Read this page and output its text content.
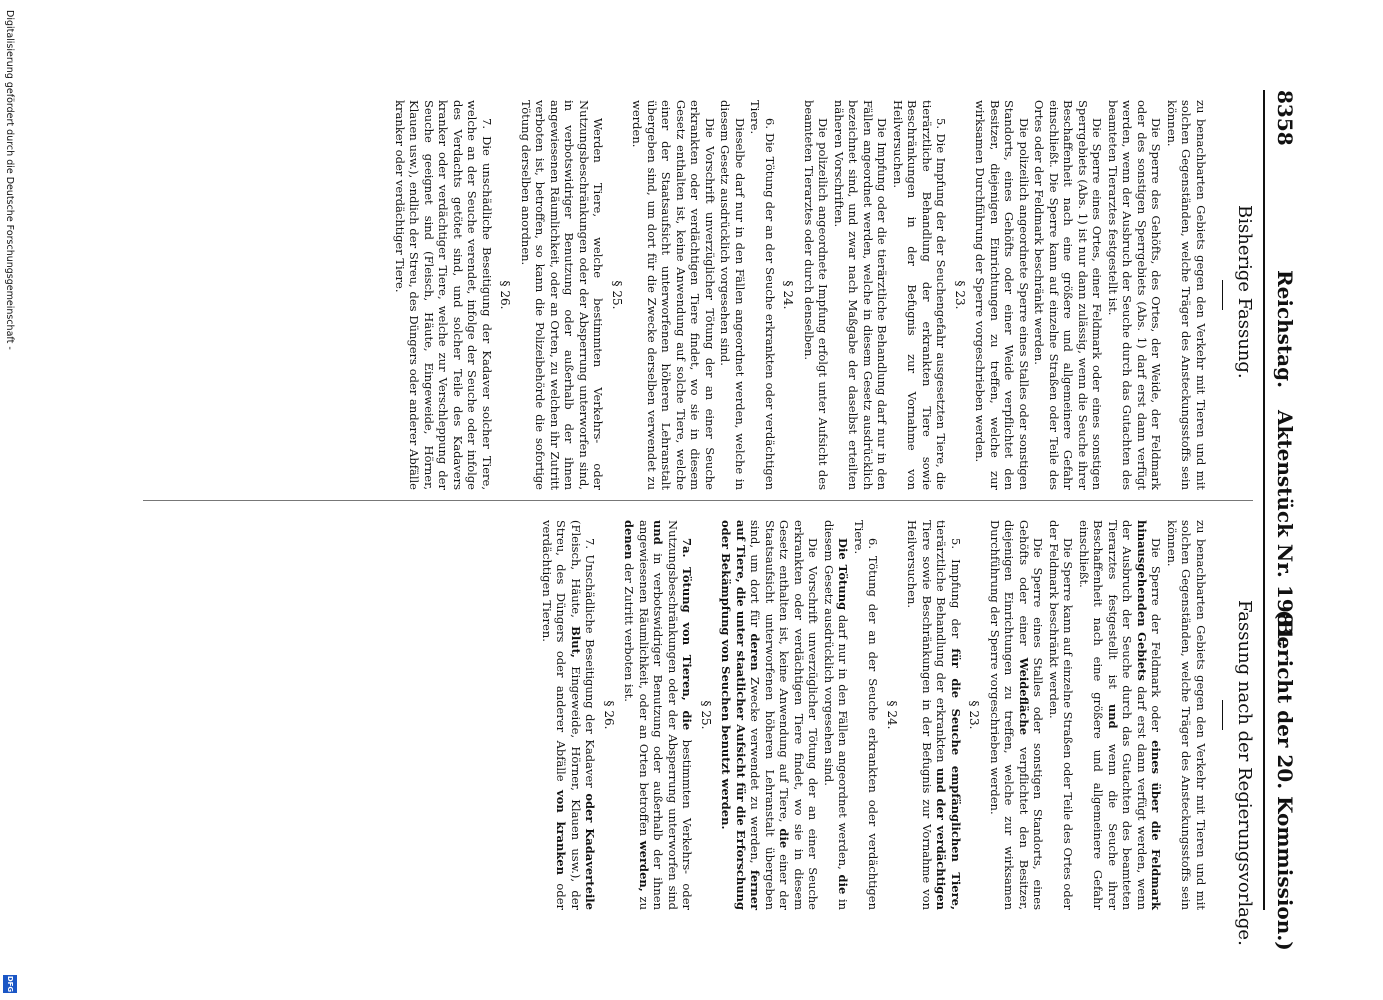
8358
Reichstag.
Aktenstück Nr. 1981.
(Bericht der 20. Kommission.)
Bisherige Fassung.
Fassung nach der Regierungsvorlage.

zu benachbarten Gebiets gegen den Verkehr mit Tieren und mit solchen Gegenständen, welche Träger des Ansteckungsstoffs sein können.

Die Sperre des Gehöfts, des Ortes, der Weide, der Feldmark oder des sonstigen Sperrgebiets (Abs. 1) darf erst dann verfügt werden, wenn der Ausbruch der Seuche durch das Gutachten des beamteten Tierarztes festgestellt ist.

Die Sperre eines Ortes, einer Feldmark oder eines sonstigen Sperrgebiets (Abs. 1) ist nur dann zulässig, wenn die Seuche ihrer Beschaffenheit nach eine größere und allgemeinere Gefahr einschließt. Die Sperre kann auf einzelne Straßen oder Teile des Ortes oder der Feldmark beschränkt werden.

Die polizeilich angeordnete Sperre eines Stalles oder sonstigen Standorts, eines Gehöfts oder einer Weide verpflichtet den Besitzer, diejenigen Einrichtungen zu treffen, welche zur wirksamen Durchführung der Sperre vorgeschrieben werden.

§ 23.

5. Die Impfung der der Seuchengefahr ausgesetzten Tiere, die tierärztliche Behandlung der erkrankten Tiere sowie Beschränkungen in der Befugnis zur Vornahme von Heilversuchen.

Die Impfung oder die tierärztliche Behandlung darf nur in den Fällen angeordnet werden, welche in diesem Gesetz ausdrücklich bezeichnet sind, und zwar nach Maßgabe der daselbst erteilten näheren Vorschriften.

Die polizeilich angeordnete Impfung erfolgt unter Aufsicht des beamteten Tierarztes oder durch denselben.

§ 24.

6. Die Tötung der an der Seuche erkrankten oder verdächtigen Tiere.

Dieselbe darf nur in den Fällen angeordnet werden, welche in diesem Gesetz ausdrücklich vorgesehen sind.

Die Vorschrift unverzüglicher Tötung der an einer Seuche erkrankten oder verdächtigen Tiere findet, wo sie in diesem Gesetz enthalten ist, keine Anwendung auf solche Tiere, welche einer der Staatsaufsicht unterworfenen höheren Lehranstalt übergeben sind, um dort für die Zwecke derselben verwendet zu werden.

§ 25.

Werden Tiere, welche bestimmten Verkehrs- oder Nutzungsbeschränkungen oder der Absperrung unterworfen sind, in verbotswidriger Benutzung oder außerhalb der ihnen angewiesenen Räumlichkeit, oder an Orten, zu welchen ihr Zutritt verboten ist, betroffen, so kann die Polizeibehörde die sofortige Tötung derselben anordnen.

§ 26.

7. Die unschädliche Beseitigung der Kadaver solcher Tiere, welche an der Seuche verendet, infolge der Seuche oder infolge des Verdachts getötet sind, und solcher Teile des Kadavers kranker oder verdächtiger Tiere, welche zur Verschleppung der Seuche geeignet sind (Fleisch, Häute, Eingeweide, Hörner, Klauen usw.), endlich der Streu, des Düngers oder anderer Abfälle kranker oder verdächtiger Tiere.

zu benachbarten Gebiets gegen den Verkehr mit Tieren und mit solchen Gegenständen, welche Träger des Ansteckungsstoffs sein können.

Die Sperre der Feldmark oder eines über die Feldmark hinausgehenden Gebiets darf erst dann verfügt werden, wenn der Ausbruch der Seuche durch das Gutachten des beamteten Tierarztes festgestellt ist und wenn die Seuche ihrer Beschaffenheit nach eine größere und allgemeinere Gefahr einschließt.

Die Sperre kann auf einzelne Straßen oder Teile des Ortes oder der Feldmark beschränkt werden.

Die Sperre eines Stalles oder sonstigen Standorts, eines Gehöfts oder einer Weidefläche verpflichtet den Besitzer, diejenigen Einrichtungen zu treffen, welche zur wirksamen Durchführung der Sperre vorgeschrieben werden.

§ 23.

5. Impfung der für die Seuche empfänglichen Tiere, tierärztliche Behandlung der erkrankten und der verdächtigen Tiere sowie Beschränkungen in der Befugnis zur Vornahme von Heilversuchen.

§ 24.

6. Tötung der an der Seuche erkrankten oder verdächtigen Tiere.

Die Tötung darf nur in den Fällen angeordnet werden, die in diesem Gesetz ausdrücklich vorgesehen sind.

Die Vorschrift unverzüglicher Tötung der an einer Seuche erkrankten oder verdächtigen Tiere findet, wo sie in diesem Gesetz enthalten ist, keine Anwendung auf Tiere, die einer der Staatsaufsicht unterworfenen höheren Lehranstalt übergeben sind, um dort für deren Zwecke verwendet zu werden, ferner auf Tiere, die unter staatlicher Aufsicht für die Erforschung oder Bekämpfung von Seuchen benutzt werden.

§ 25.

7a. Tötung von Tieren, die bestimmten Verkehrs- oder Nutzungsbeschränkungen oder der Absperrung unterworfen sind und in verbotswidriger Benutzung oder außerhalb der ihnen angewiesenen Räumlichkeit, oder an Orten betroffen werden, zu denen der Zutritt verboten ist.

§ 26.

7. Unschädliche Beseitigung der Kadaver oder Kadaverteile (Fleisch, Häute, Blut, Eingeweide, Hörner, Klauen usw.), der Streu, des Düngers oder anderer Abfälle von kranken oder verdächtigen Tieren.

Digitalisierung gefördert durch die Deutsche Forschungsgemeinschaft -
DFG
